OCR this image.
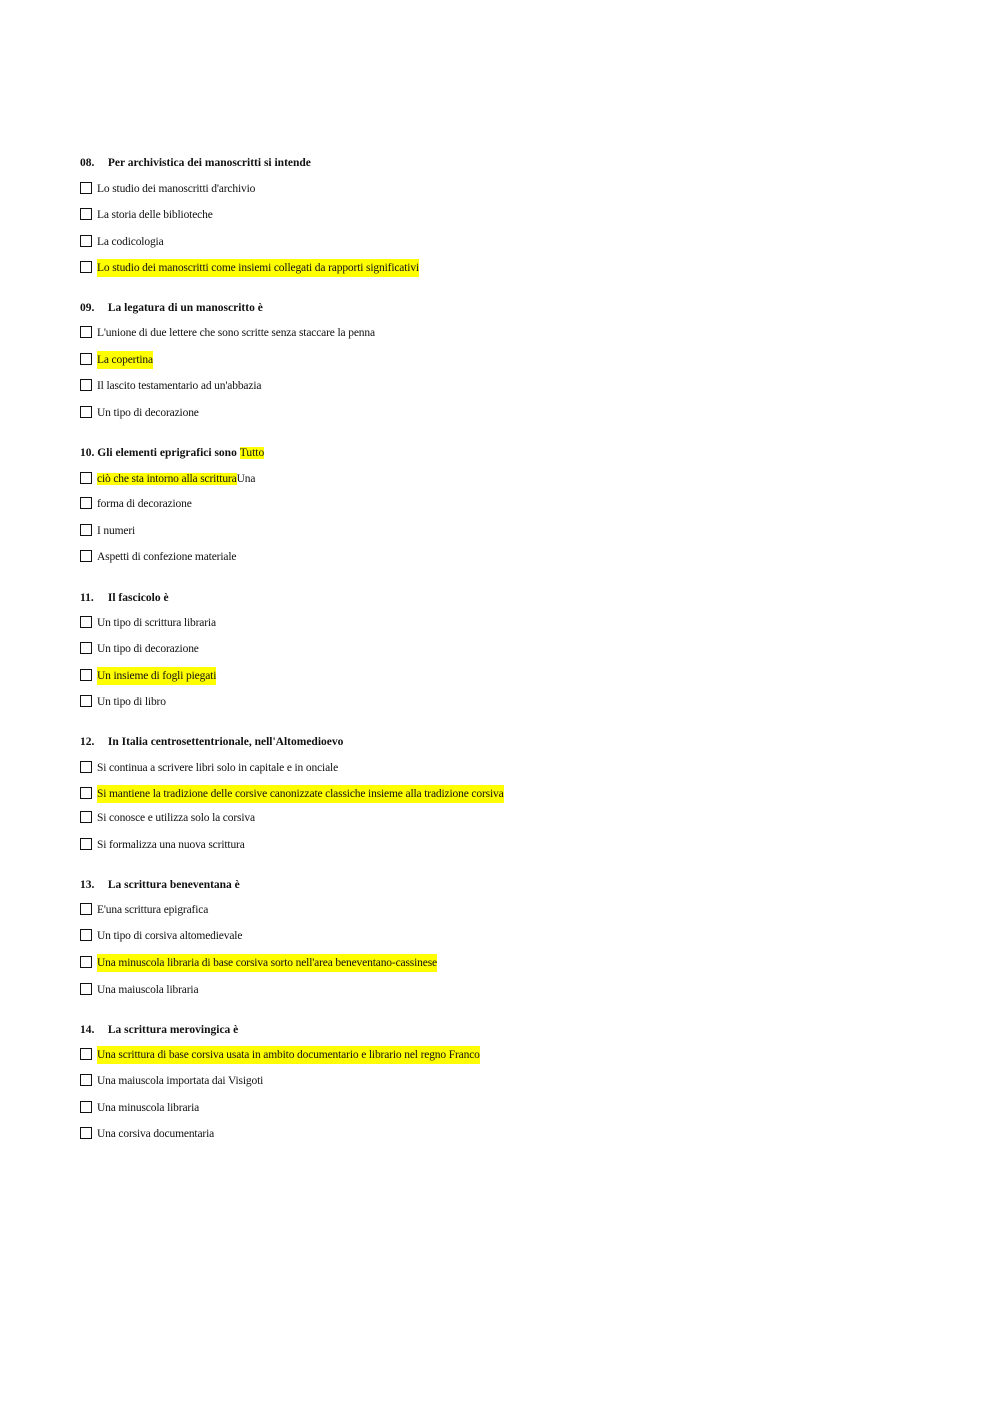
08. Per archivistica dei manoscritti si intende
Lo studio dei manoscritti d'archivio
La storia delle biblioteche
La codicologia
Lo studio dei manoscritti come insiemi collegati da rapporti significativi
09. La legatura di un manoscritto è
L'unione di due lettere che sono scritte senza staccare la penna
La copertina
Il lascito testamentario ad un'abbazia
Un tipo di decorazione
10. Gli elementi eprigrafici sono Tutto
ciò che sta intorno alla scritturaUna
forma di decorazione
I numeri
Aspetti di confezione materiale
11. Il fascicolo è
Un tipo di scrittura libraria
Un tipo di decorazione
Un insieme di fogli piegati
Un tipo di libro
12. In Italia centrosettentrionale, nell'Altomedioevo
Si continua a scrivere libri solo in capitale e in onciale
Si mantiene la tradizione delle corsive canonizzate classiche insieme alla tradizione corsiva
Si conosce e utilizza solo la corsiva
Si formalizza una nuova scrittura
13. La scrittura beneventana è
E'una scrittura epigrafica
Un tipo di corsiva altomedievale
Una minuscola libraria di base corsiva sorto nell'area beneventano-cassinese
Una maiuscola libraria
14. La scrittura merovingica è
Una scrittura di base corsiva usata in ambito documentario e librario nel regno Franco
Una maiuscola importata dai Visigoti
Una minuscola libraria
Una corsiva documentaria
